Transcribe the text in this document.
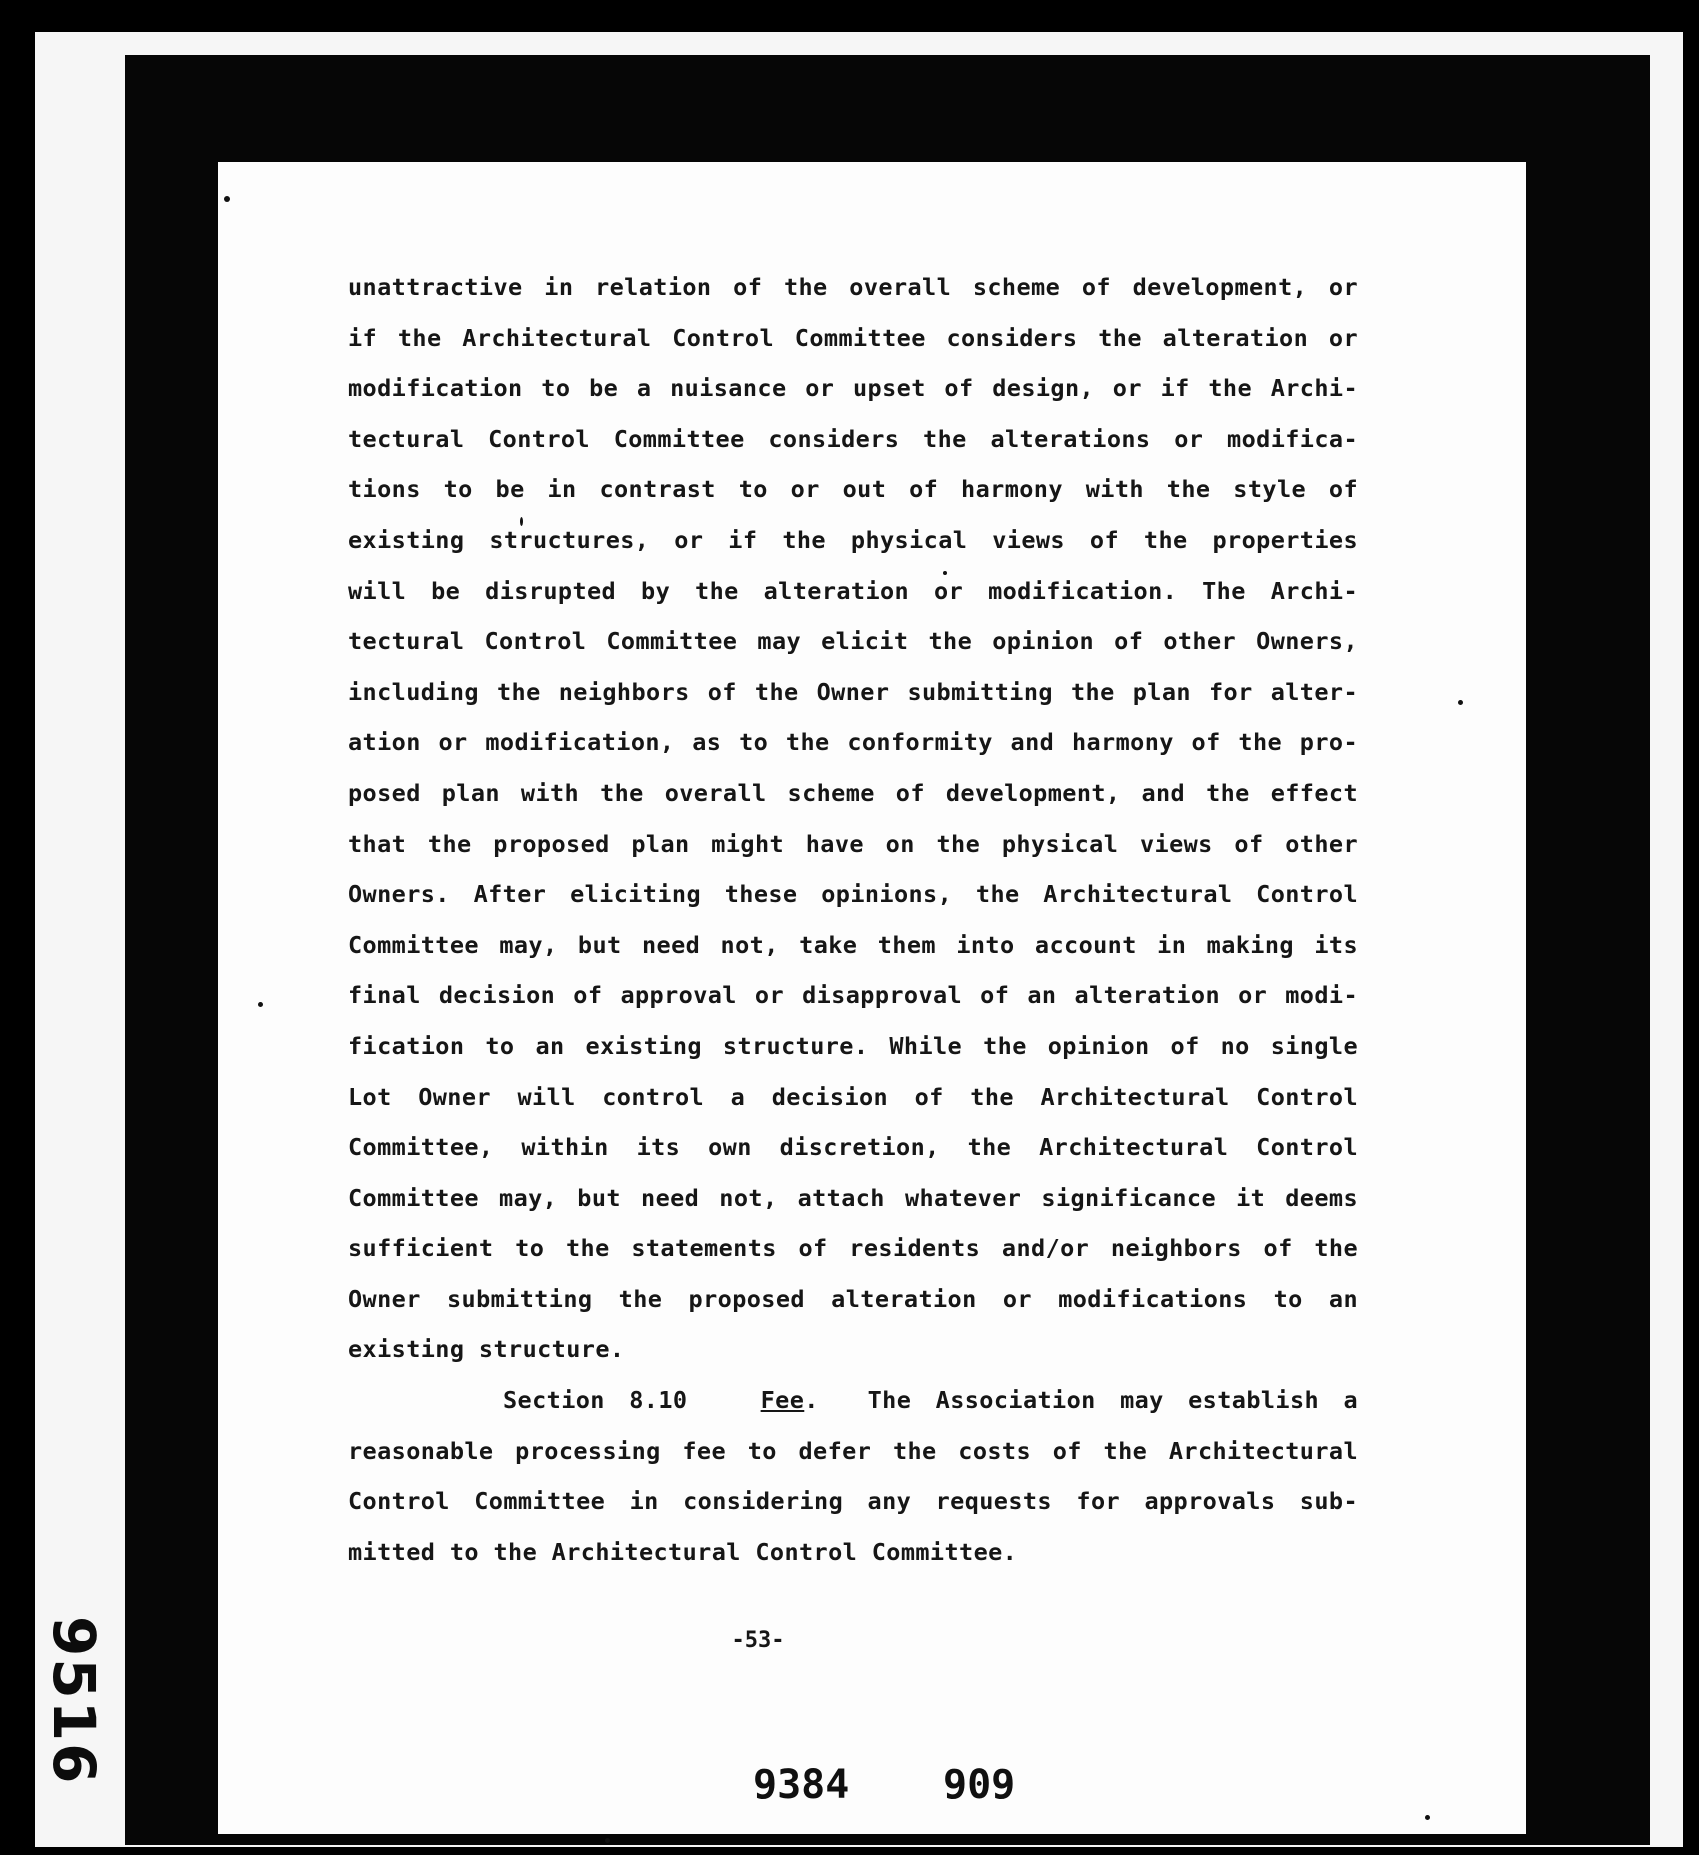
9516
unattractive in relation of the overall scheme of development, or
if the Architectural Control Committee considers the alteration or
modification to be a nuisance or upset of design, or if the Archi-
tectural Control Committee considers the alterations or modifica-
tions to be in contrast to or out of harmony with the style of
existing structures, or if the physical views of the properties
will be disrupted by the alteration or modification. The Archi-
tectural Control Committee may elicit the opinion of other Owners,
including the neighbors of the Owner submitting the plan for alter-
ation or modification, as to the conformity and harmony of the pro-
posed plan with the overall scheme of development, and the effect
that the proposed plan might have on the physical views of other
Owners. After eliciting these opinions, the Architectural Control
Committee may, but need not, take them into account in making its
final decision of approval or disapproval of an alteration or modi-
fication to an existing structure. While the opinion of no single
Lot Owner will control a decision of the Architectural Control
Committee, within its own discretion, the Architectural Control
Committee may, but need not, attach whatever significance it deems
sufficient to the statements of residents and/or neighbors of the
Owner submitting the proposed alteration or modifications to an
existing structure.
Section 8.10	Fee.  The Association may establish a
reasonable processing fee to defer the costs of the Architectural
Control Committee in considering any requests for approvals sub-
mitted to the Architectural Control Committee.
-53-
9384 909
